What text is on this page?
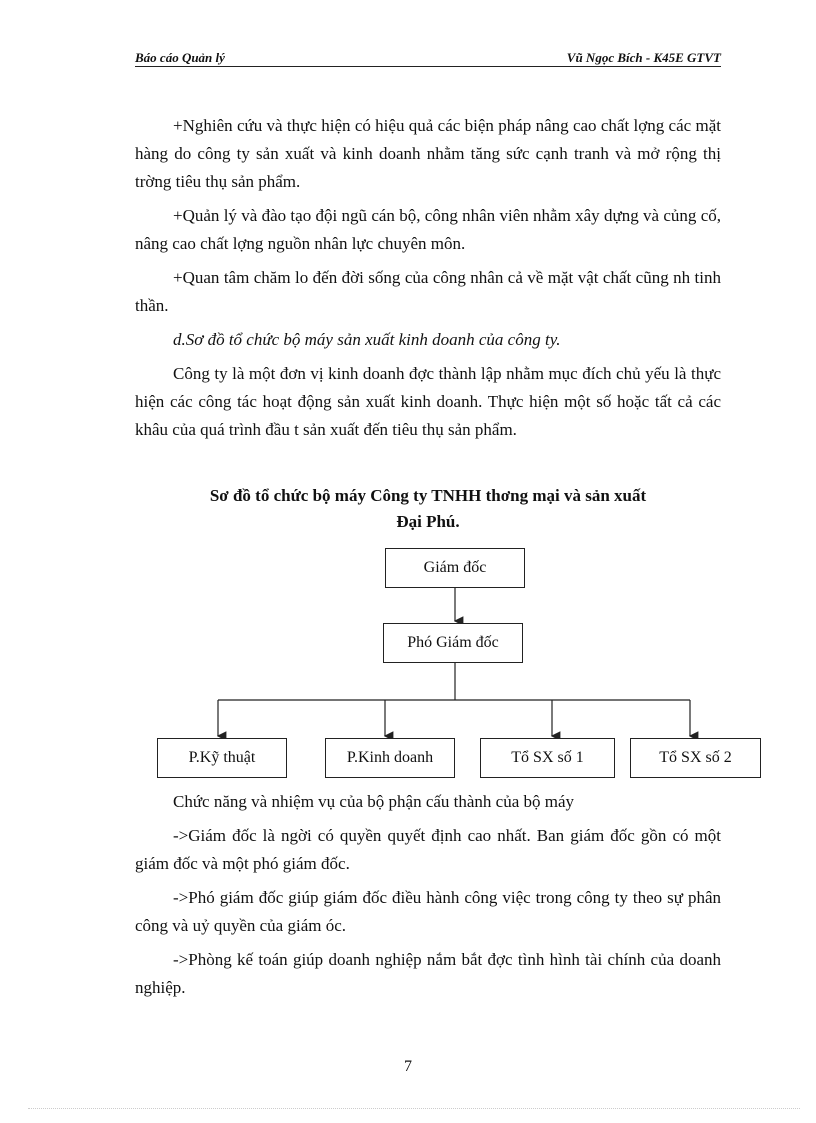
Báo cáo Quản lý	Vũ Ngọc Bích - K45E GTVT

+Nghiên cứu và thực hiện có hiệu quả các biện pháp nâng cao chất lợng các mặt hàng do công ty sản xuất và kinh doanh nhằm tăng sức cạnh tranh và mở rộng thị trờng tiêu thụ sản phẩm.

+Quản lý và đào tạo đội ngũ cán bộ, công nhân viên nhằm xây dựng và củng cố, nâng cao chất lợng nguồn nhân lực chuyên môn.

+Quan tâm chăm lo đến đời sống của công nhân cả về mặt vật chất cũng nh tinh thần.

d.Sơ đồ tổ chức bộ máy sản xuất kinh doanh của công ty.

Công ty là một đơn vị kinh doanh đợc thành lập nhằm mục đích chủ yếu là thực hiện các công tác hoạt động sản xuất kinh doanh. Thực hiện một số hoặc tất cả các khâu của quá trình đầu t sản xuất đến tiêu thụ sản phẩm.

Sơ đồ tổ chức bộ máy Công ty TNHH thơng mại và sản xuất
Đại Phú.
Giám đốc
Phó Giám đốc
P.Kỹ thuật	P.Kinh doanh	Tổ SX số 1	Tổ SX số 2

Chức năng và nhiệm vụ của bộ phận cấu thành của bộ máy

->Giám đốc là ngời có quyền quyết định cao nhất. Ban giám đốc gồn có một giám đốc và một phó giám đốc.

->Phó giám đốc giúp giám đốc điều hành công việc trong công ty theo sự phân công và uỷ quyền của giám óc.

->Phòng kế toán giúp doanh nghiệp nắm bắt đợc tình hình tài chính của doanh nghiệp.

7
